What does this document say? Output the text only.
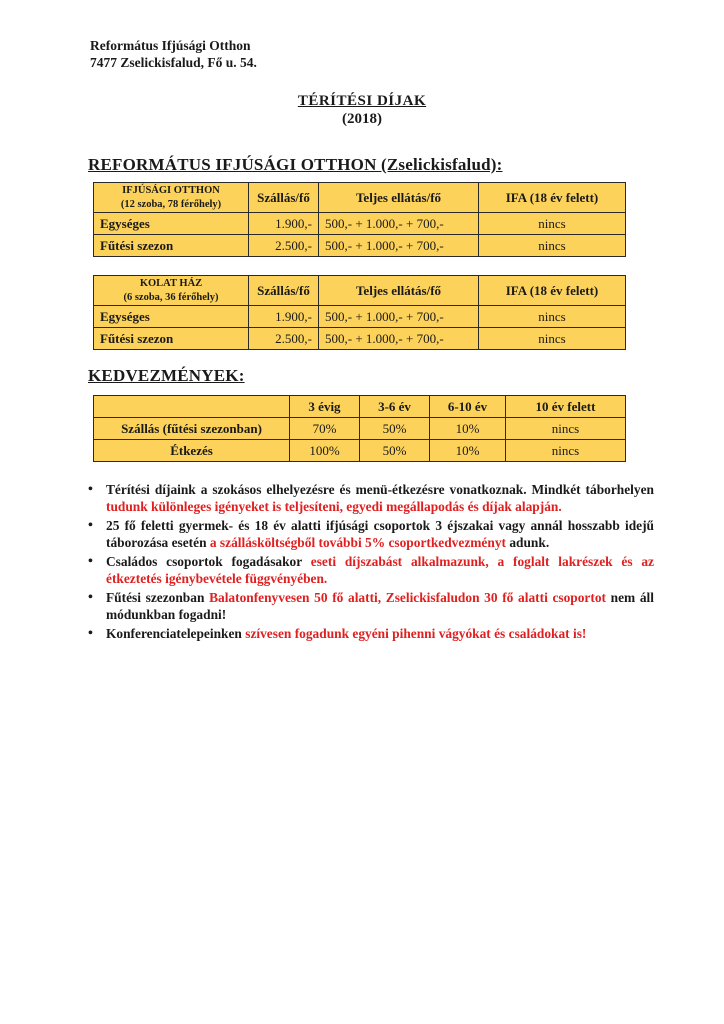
Református Ifjúsági Otthon
7477 Zselickisfalud, Fő u. 54.
TÉRÍTÉSI DÍJAK
(2018)
REFORMÁTUS IFJÚSÁGI OTTHON (Zselickisfalud):
IFJÚSÁGI OTTHON
(12 szoba, 78 férőhely)	Szállás/fő	Teljes ellátás/fő	IFA (18 év felett)
Egységes	1.900,-	500,- + 1.000,- + 700,-	nincs
Fűtési szezon	2.500,-	500,- + 1.000,- + 700,-	nincs
KOLAT HÁZ
(6 szoba, 36 férőhely)	Szállás/fő	Teljes ellátás/fő	IFA (18 év felett)
Egységes	1.900,-	500,- + 1.000,- + 700,-	nincs
Fűtési szezon	2.500,-	500,- + 1.000,- + 700,-	nincs
KEDVEZMÉNYEK:
	3 évig	3-6 év	6-10 év	10 év felett
Szállás (fűtési szezonban)	70%	50%	10%	nincs
Étkezés	100%	50%	10%	nincs
• Térítési díjaink a szokásos elhelyezésre és menü-étkezésre vonatkoznak. Mindkét táborhelyen tudunk különleges igényeket is teljesíteni, egyedi megállapodás és díjak alapján.
• 25 fő feletti gyermek- és 18 év alatti ifjúsági csoportok 3 éjszakai vagy annál hosszabb idejű táborozása esetén a szállásköltségből további 5% csoportkedvezményt adunk.
• Családos csoportok fogadásakor eseti díjszabást alkalmazunk, a foglalt lakrészek és az étkeztetés igénybevétele függvényében.
• Fűtési szezonban Balatonfenyvesen 50 fő alatti, Zselickisfaludon 30 fő alatti csoportot nem áll módunkban fogadni!
• Konferenciatelepeinken szívesen fogadunk egyéni pihenni vágyókat és családokat is!
